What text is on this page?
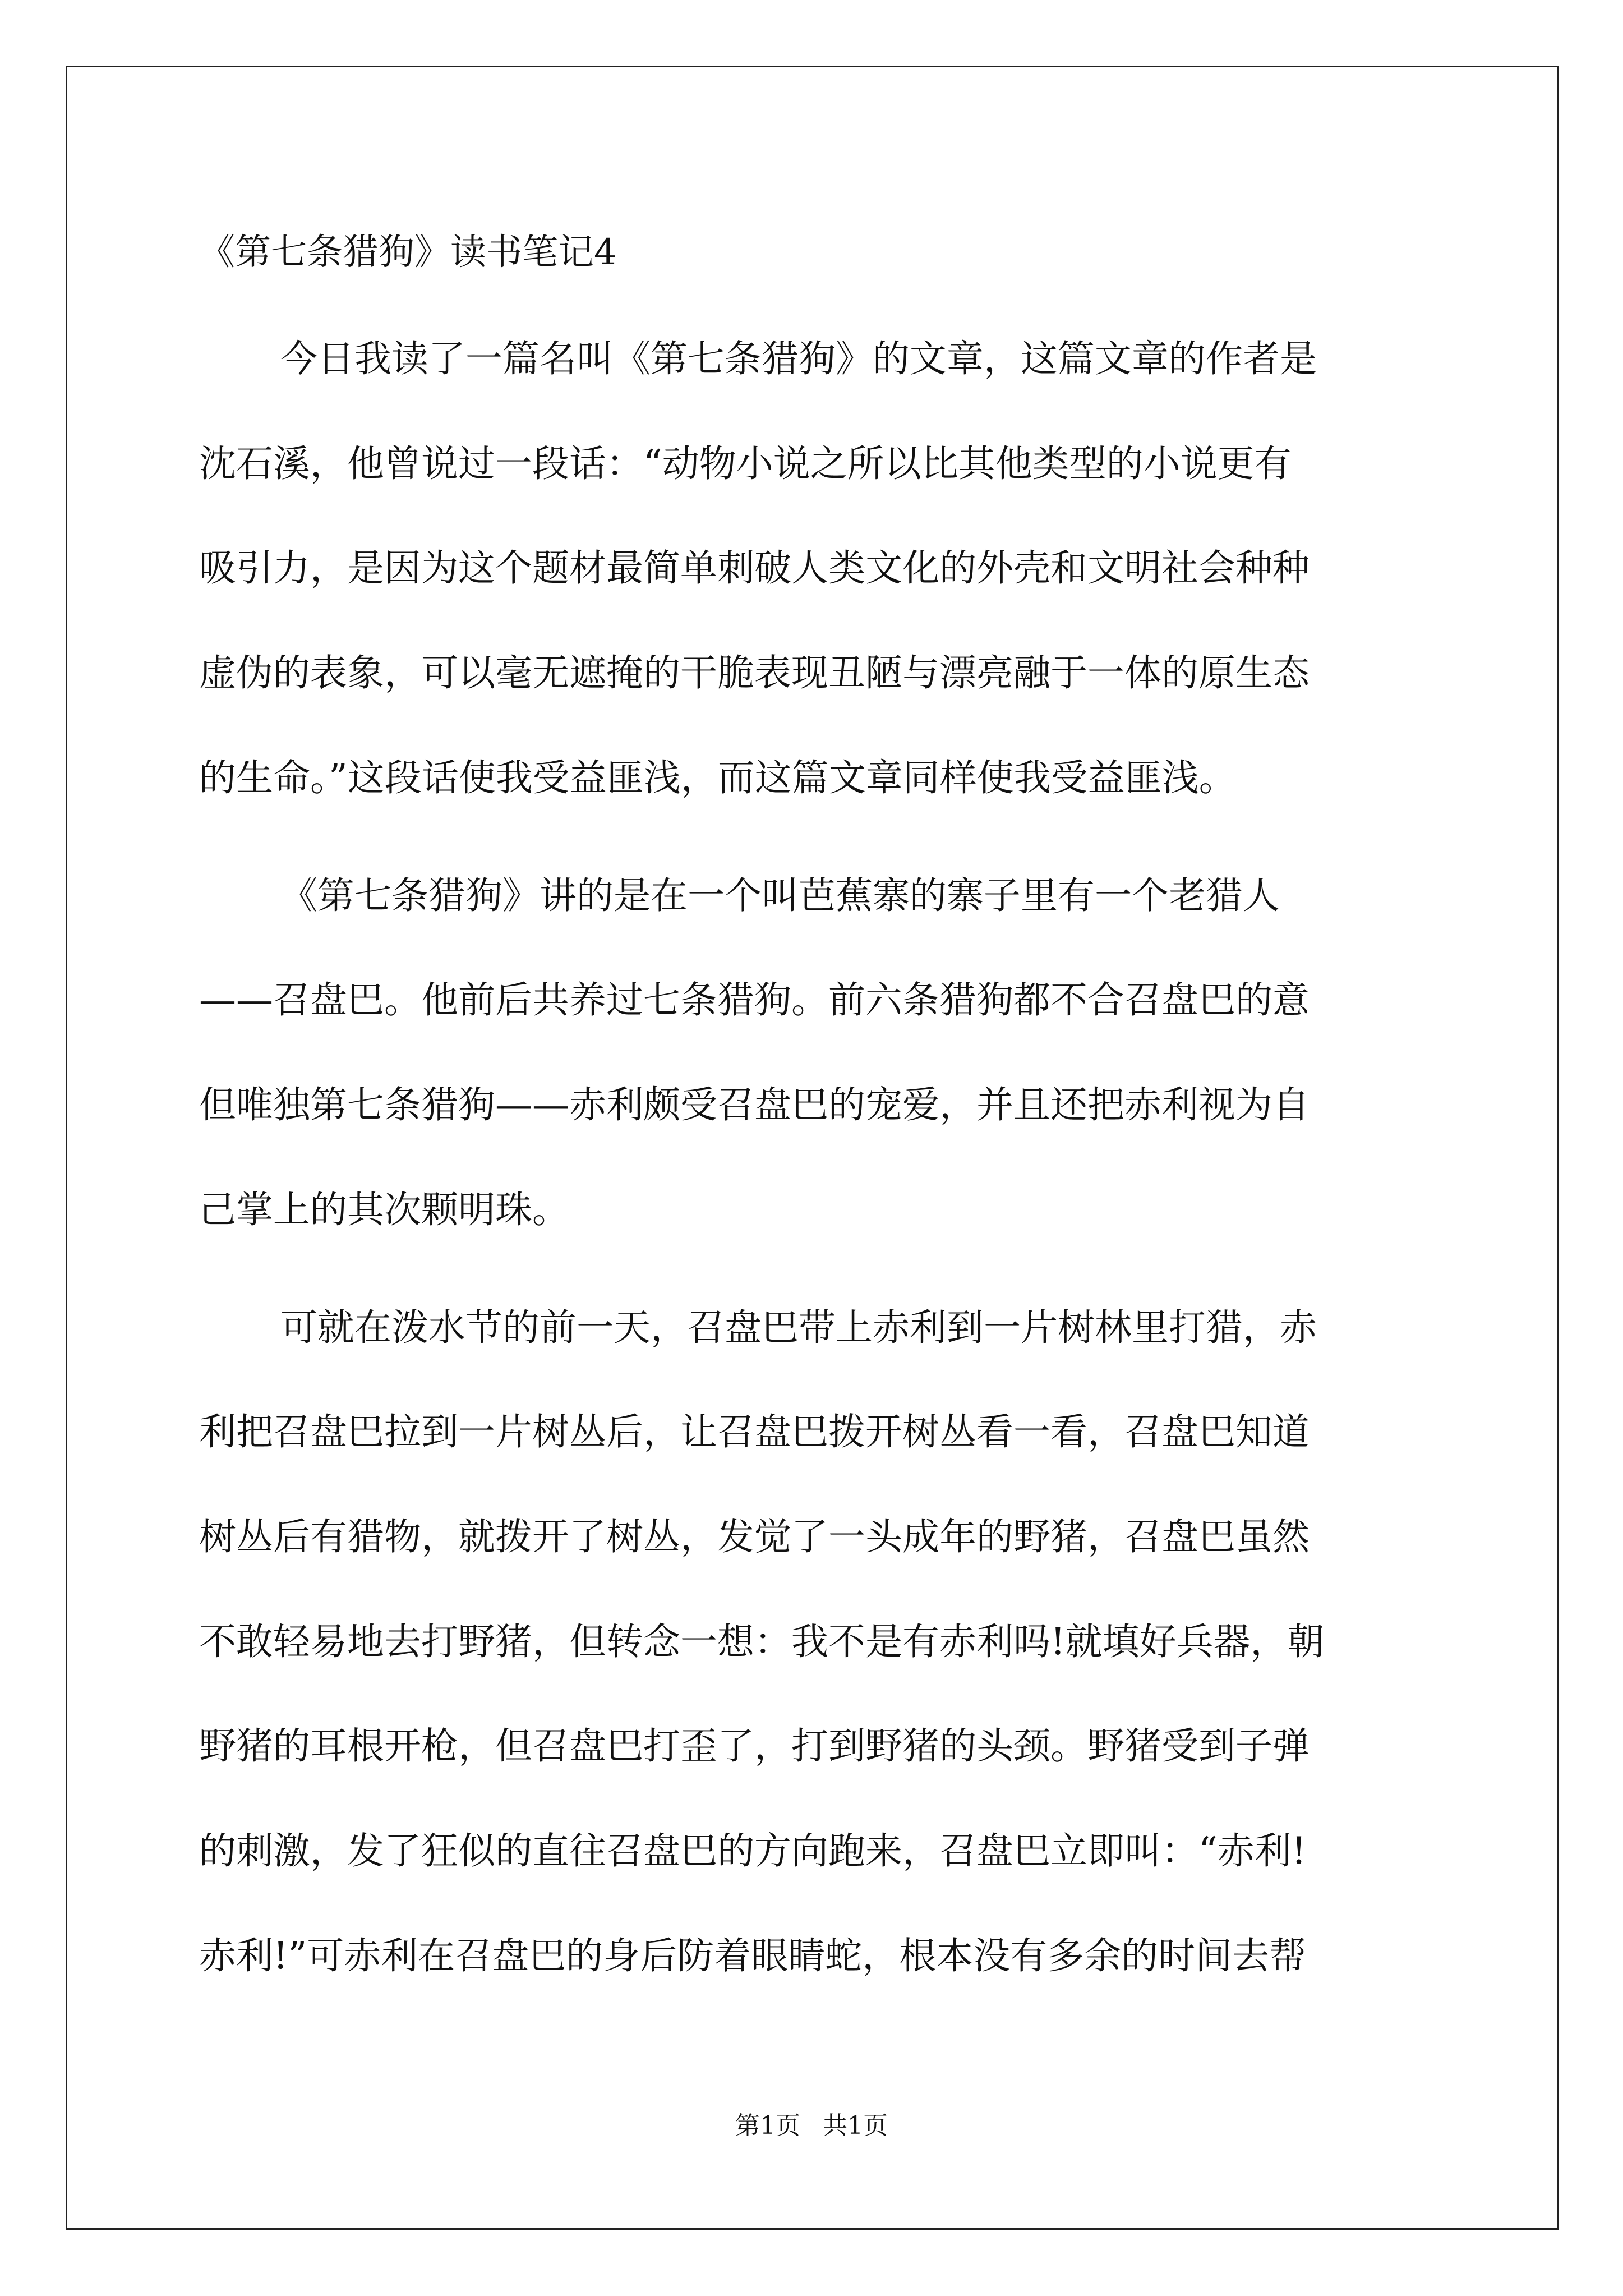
《第七条猎狗》读书笔记4

今日我读了一篇名叫《第七条猎狗》的文章，这篇文章的作者是

沈石溪，他曾说过一段话：“动物小说之所以比其他类型的小说更有

吸引力，是因为这个题材最简单刺破人类文化的外壳和文明社会种种

虚伪的表象，可以毫无遮掩的干脆表现丑陋与漂亮融于一体的原生态

的生命。”这段话使我受益匪浅，而这篇文章同样使我受益匪浅。

《第七条猎狗》讲的是在一个叫芭蕉寨的寨子里有一个老猎人

——召盘巴。他前后共养过七条猎狗。前六条猎狗都不合召盘巴的意

但唯独第七条猎狗——赤利颇受召盘巴的宠爱，并且还把赤利视为自

己掌上的其次颗明珠。

可就在泼水节的前一天，召盘巴带上赤利到一片树林里打猎，赤

利把召盘巴拉到一片树丛后，让召盘巴拨开树丛看一看，召盘巴知道

树丛后有猎物，就拨开了树丛，发觉了一头成年的野猪，召盘巴虽然

不敢轻易地去打野猪，但转念一想：我不是有赤利吗!就填好兵器，朝

野猪的耳根开枪，但召盘巴打歪了，打到野猪的头颈。野猪受到子弹

的刺激，发了狂似的直往召盘巴的方向跑来，召盘巴立即叫：“赤利!

赤利!”可赤利在召盘巴的身后防着眼睛蛇，根本没有多余的时间去帮

第1页 共1页
